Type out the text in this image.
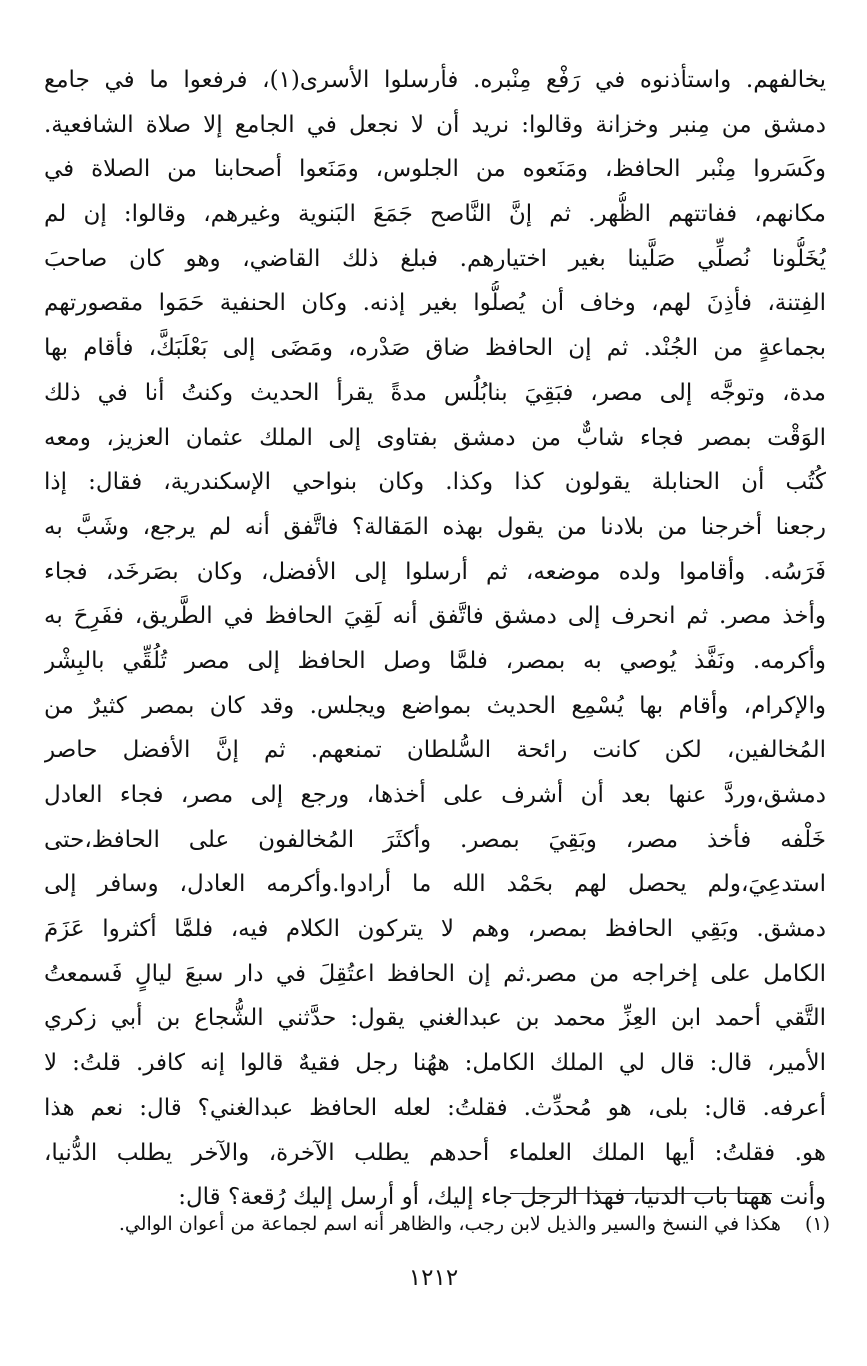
يخالفهم. واستأذنوه في رَفْع مِنْبره. فأرسلوا الأسرى(١)، فرفعوا ما في جامع
دمشق من مِنبر وخزانة وقالوا: نريد أن لا نجعل في الجامع إلا صلاة الشافعية.
وكَسَروا مِنْبر الحافظ، ومَنَعوه من الجلوس، ومَنَعوا أصحابنا من الصلاة في
مكانهم، ففاتتهم الظُّهر. ثم إنَّ النَّاصح جَمَعَ البَنوية وغيرهم، وقالوا: إن لم
يُخَلُّونا نُصلِّي صَلَّينا بغير اختيارهم. فبلغ ذلك القاضي، وهو كان صاحبَ
الفِتنة، فأذِنَ لهم، وخاف أن يُصلُّوا بغير إذنه. وكان الحنفية حَمَوا مقصورتهم
بجماعةٍ من الجُنْد. ثم إن الحافظ ضاق صَدْره، ومَضَى إلى بَعْلَبَكَّ، فأقام بها
مدة، وتوجَّه إلى مصر، فبَقِيَ بنابُلُس مدةً يقرأ الحديث وكنتُ أنا في ذلك
الوَقْت بمصر فجاء شابٌّ من دمشق بفتاوى إلى الملك عثمان العزيز، ومعه
كُتُب أن الحنابلة يقولون كذا وكذا. وكان بنواحي الإسكندرية، فقال: إذا
رجعنا أخرجنا من بلادنا من يقول بهذه المَقالة؟ فاتَّفق أنه لم يرجع، وشَبَّ به
فَرَسُه. وأقاموا ولده موضعه، ثم أرسلوا إلى الأفضل، وكان بصَرخَد، فجاء
وأخذ مصر. ثم انحرف إلى دمشق فاتَّفق أنه لَقِيَ الحافظ في الطَّريق، ففَرِحَ به
وأكرمه. ونَفَّذ يُوصي به بمصر، فلمَّا وصل الحافظ إلى مصر تُلُقِّي بالبِشْر
والإكرام، وأقام بها يُسْمِع الحديث بمواضع ويجلس. وقد كان بمصر كثيرٌ من
المُخالفين، لكن كانت رائحة السُّلطان تمنعهم. ثم إنَّ الأفضل حاصر
دمشق،وردَّ عنها بعد أن أشرف على أخذها، ورجع إلى مصر، فجاء العادل
خَلْفه فأخذ مصر، وبَقِيَ بمصر. وأكثَرَ المُخالفون على الحافظ،حتى
استدعِيَ،ولم يحصل لهم بحَمْد الله ما أرادوا.وأكرمه العادل، وسافر إلى
دمشق. وبَقِي الحافظ بمصر، وهم لا يتركون الكلام فيه، فلمَّا أكثروا عَزَمَ
الكامل على إخراجه من مصر.ثم إن الحافظ اعتُقِلَ في دار سبعَ ليالٍ فَسمعتُ
التَّقي أحمد ابن العِزِّ محمد بن عبدالغني يقول: حدَّثني الشُّجاع بن أبي زكري
الأمير، قال: قال لي الملك الكامل: ههُنا رجل فقيهٌ قالوا إنه كافر. قلتُ: لا
أعرفه. قال: بلى، هو مُحدِّث. فقلتُ: لعله الحافظ عبدالغني؟ قال: نعم هذا
هو. فقلتُ: أيها الملك العلماء أحدهم يطلب الآخرة، والآخر يطلب الدُّنيا،
وأنت ههنا باب الدنيا، فهذا الرجل جاء إليك، أو أرسل إليك رُقعة؟ قال:
(١) هكذا في النسخ والسير والذيل لابن رجب، والظاهر أنه اسم لجماعة من أعوان الوالي.
١٢١٢
